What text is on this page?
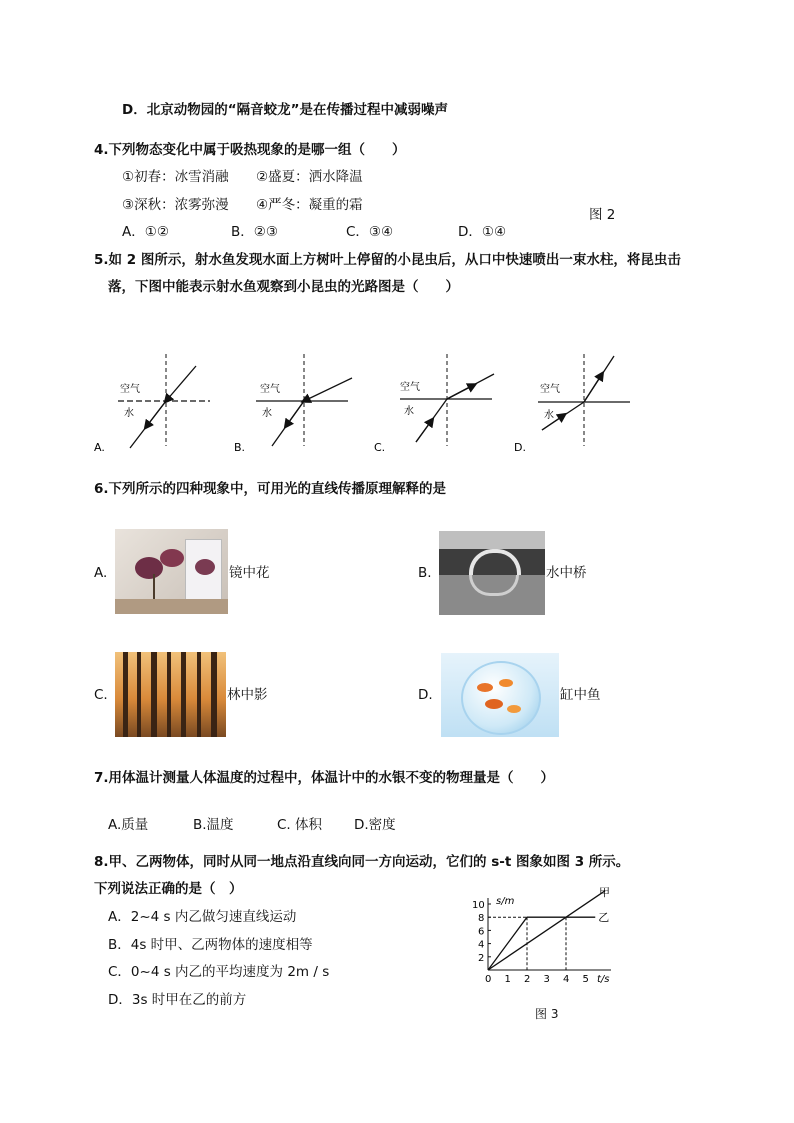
D．北京动物园的“隔音蛟龙”是在传播过程中减弱噪声
4.下列物态变化中属于吸热现象的是哪一组（　　）
①初春：冰雪消融 ②盛夏：洒水降温
③深秋：浓雾弥漫 ④严冬：凝重的霜
A．①②	B．②③	C．③④	D．①④
图 2
5.如 2 图所示，射水鱼发现水面上方树叶上停留的小昆虫后，从口中快速喷出一束水柱，将昆虫击
落，下图中能表示射水鱼观察到小昆虫的光路图是（　　）
空气
水
A.
空气
水
B.
空气
水
C.
空气
水
D.
6.下列所示的四种现象中，可用光的直线传播原理解释的是
A.	镜中花	B.	水中桥
C.	林中影	D.	缸中鱼
7.用体温计测量人体温度的过程中，体温计中的水银不变的物理量是（　　）
A.质量	B.温度	C. 体积 D.密度
8.甲、乙两物体，同时从同一地点沿直线向同一方向运动，它们的 s-t 图象如图 3 所示。
下列说法正确的是（　）
A．2~4 s 内乙做匀速直线运动
B．4s 时甲、乙两物体的速度相等
C．0~4 s 内乙的平均速度为 2m / s
D．3s 时甲在乙的前方
0 1 2 3 4 5
2
4
6
8
10
t/s
s/m
甲
乙
图 3
